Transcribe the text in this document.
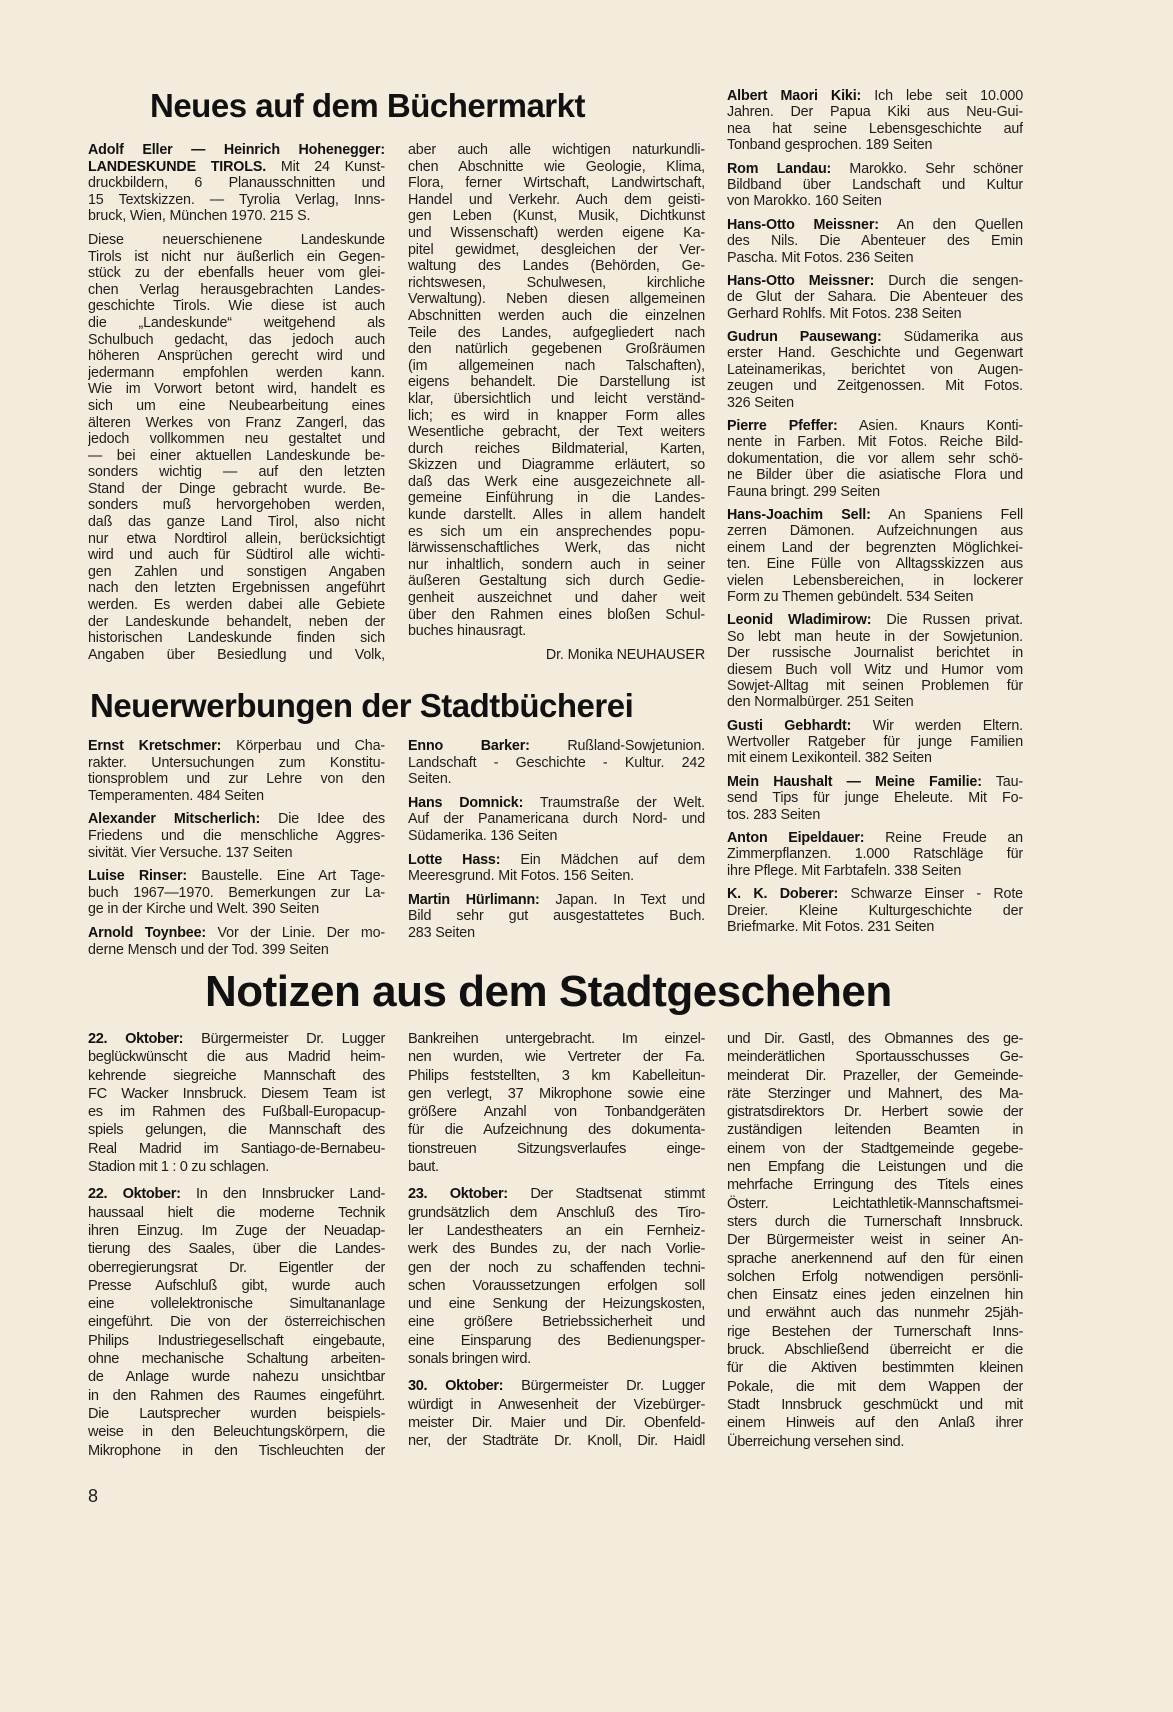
Neues auf dem Büchermarkt
Neuerwerbungen der Stadtbücherei
Notizen aus dem Stadtgeschehen
Adolf Eller — Heinrich Hohenegger:
LANDESKUNDE TIROLS. Mit 24 Kunst-
druckbildern, 6 Planausschnitten und
15 Textskizzen. — Tyrolia Verlag, Inns-
bruck, Wien, München 1970. 215 S.
Diese neuerschienene Landeskunde
Tirols ist nicht nur äußerlich ein Gegen-
stück zu der ebenfalls heuer vom glei-
chen Verlag herausgebrachten Landes-
geschichte Tirols. Wie diese ist auch
die „Landeskunde“ weitgehend als
Schulbuch gedacht, das jedoch auch
höheren Ansprüchen gerecht wird und
jedermann empfohlen werden kann.
Wie im Vorwort betont wird, handelt es
sich um eine Neubearbeitung eines
älteren Werkes von Franz Zangerl, das
jedoch vollkommen neu gestaltet und
— bei einer aktuellen Landeskunde be-
sonders wichtig — auf den letzten
Stand der Dinge gebracht wurde. Be-
sonders muß hervorgehoben werden,
daß das ganze Land Tirol, also nicht
nur etwa Nordtirol allein, berücksichtigt
wird und auch für Südtirol alle wichti-
gen Zahlen und sonstigen Angaben
nach den letzten Ergebnissen angeführt
werden. Es werden dabei alle Gebiete
der Landeskunde behandelt, neben der
historischen Landeskunde finden sich
Angaben über Besiedlung und Volk,
aber auch alle wichtigen naturkundli-
chen Abschnitte wie Geologie, Klima,
Flora, ferner Wirtschaft, Landwirtschaft,
Handel und Verkehr. Auch dem geisti-
gen Leben (Kunst, Musik, Dichtkunst
und Wissenschaft) werden eigene Ka-
pitel gewidmet, desgleichen der Ver-
waltung des Landes (Behörden, Ge-
richtswesen, Schulwesen, kirchliche
Verwaltung). Neben diesen allgemeinen
Abschnitten werden auch die einzelnen
Teile des Landes, aufgegliedert nach
den natürlich gegebenen Großräumen
(im allgemeinen nach Talschaften),
eigens behandelt. Die Darstellung ist
klar, übersichtlich und leicht verständ-
lich; es wird in knapper Form alles
Wesentliche gebracht, der Text weiters
durch reiches Bildmaterial, Karten,
Skizzen und Diagramme erläutert, so
daß das Werk eine ausgezeichnete all-
gemeine Einführung in die Landes-
kunde darstellt. Alles in allem handelt
es sich um ein ansprechendes popu-
lärwissenschaftliches Werk, das nicht
nur inhaltlich, sondern auch in seiner
äußeren Gestaltung sich durch Gedie-
genheit auszeichnet und daher weit
über den Rahmen eines bloßen Schul-
buches hinausragt.
Dr. Monika NEUHAUSER
Albert Maori Kiki: Ich lebe seit 10.000
Jahren. Der Papua Kiki aus Neu-Gui-
nea hat seine Lebensgeschichte auf
Tonband gesprochen. 189 Seiten
Rom Landau: Marokko. Sehr schöner
Bildband über Landschaft und Kultur
von Marokko. 160 Seiten
Hans-Otto Meissner: An den Quellen
des Nils. Die Abenteuer des Emin
Pascha. Mit Fotos. 236 Seiten
Hans-Otto Meissner: Durch die sengen-
de Glut der Sahara. Die Abenteuer des
Gerhard Rohlfs. Mit Fotos. 238 Seiten
Gudrun Pausewang: Südamerika aus
erster Hand. Geschichte und Gegenwart
Lateinamerikas, berichtet von Augen-
zeugen und Zeitgenossen. Mit Fotos.
326 Seiten
Pierre Pfeffer: Asien. Knaurs Konti-
nente in Farben. Mit Fotos. Reiche Bild-
dokumentation, die vor allem sehr schö-
ne Bilder über die asiatische Flora und
Fauna bringt. 299 Seiten
Hans-Joachim Sell: An Spaniens Fell
zerren Dämonen. Aufzeichnungen aus
einem Land der begrenzten Möglichkei-
ten. Eine Fülle von Alltagsskizzen aus
vielen Lebensbereichen, in lockerer
Form zu Themen gebündelt. 534 Seiten
Leonid Wladimirow: Die Russen privat.
So lebt man heute in der Sowjetunion.
Der russische Journalist berichtet in
diesem Buch voll Witz und Humor vom
Sowjet-Alltag mit seinen Problemen für
den Normalbürger. 251 Seiten
Gusti Gebhardt: Wir werden Eltern.
Wertvoller Ratgeber für junge Familien
mit einem Lexikonteil. 382 Seiten
Mein Haushalt — Meine Familie: Tau-
send Tips für junge Eheleute. Mit Fo-
tos. 283 Seiten
Anton Eipeldauer: Reine Freude an
Zimmerpflanzen. 1.000 Ratschläge für
ihre Pflege. Mit Farbtafeln. 338 Seiten
K. K. Doberer: Schwarze Einser - Rote
Dreier. Kleine Kulturgeschichte der
Briefmarke. Mit Fotos. 231 Seiten
Ernst Kretschmer: Körperbau und Cha-
rakter. Untersuchungen zum Konstitu-
tionsproblem und zur Lehre von den
Temperamenten. 484 Seiten
Alexander Mitscherlich: Die Idee des
Friedens und die menschliche Aggres-
sivität. Vier Versuche. 137 Seiten
Luise Rinser: Baustelle. Eine Art Tage-
buch 1967—1970. Bemerkungen zur La-
ge in der Kirche und Welt. 390 Seiten
Arnold Toynbee: Vor der Linie. Der mo-
derne Mensch und der Tod. 399 Seiten
Enno Barker: Rußland-Sowjetunion.
Landschaft - Geschichte - Kultur. 242
Seiten.
Hans Domnick: Traumstraße der Welt.
Auf der Panamericana durch Nord- und
Südamerika. 136 Seiten
Lotte Hass: Ein Mädchen auf dem
Meeresgrund. Mit Fotos. 156 Seiten.
Martin Hürlimann: Japan. In Text und
Bild sehr gut ausgestattetes Buch.
283 Seiten
22. Oktober: Bürgermeister Dr. Lugger
beglückwünscht die aus Madrid heim-
kehrende siegreiche Mannschaft des
FC Wacker Innsbruck. Diesem Team ist
es im Rahmen des Fußball-Europacup-
spiels gelungen, die Mannschaft des
Real Madrid im Santiago-de-Bernabeu-
Stadion mit 1 : 0 zu schlagen.
22. Oktober: In den Innsbrucker Land-
haussaal hielt die moderne Technik
ihren Einzug. Im Zuge der Neuadap-
tierung des Saales, über die Landes-
oberregierungsrat Dr. Eigentler der
Presse Aufschluß gibt, wurde auch
eine vollelektronische Simultananlage
eingeführt. Die von der österreichischen
Philips Industriegesellschaft eingebaute,
ohne mechanische Schaltung arbeiten-
de Anlage wurde nahezu unsichtbar
in den Rahmen des Raumes eingeführt.
Die Lautsprecher wurden beispiels-
weise in den Beleuchtungskörpern, die
Mikrophone in den Tischleuchten der
Bankreihen untergebracht. Im einzel-
nen wurden, wie Vertreter der Fa.
Philips feststellten, 3 km Kabelleitun-
gen verlegt, 37 Mikrophone sowie eine
größere Anzahl von Tonbandgeräten
für die Aufzeichnung des dokumenta-
tionstreuen Sitzungsverlaufes einge-
baut.
23. Oktober: Der Stadtsenat stimmt
grundsätzlich dem Anschluß des Tiro-
ler Landestheaters an ein Fernheiz-
werk des Bundes zu, der nach Vorlie-
gen der noch zu schaffenden techni-
schen Voraussetzungen erfolgen soll
und eine Senkung der Heizungskosten,
eine größere Betriebssicherheit und
eine Einsparung des Bedienungsper-
sonals bringen wird.
30. Oktober: Bürgermeister Dr. Lugger
würdigt in Anwesenheit der Vizebürger-
meister Dir. Maier und Dir. Obenfeld-
ner, der Stadträte Dr. Knoll, Dir. Haidl
und Dir. Gastl, des Obmannes des ge-
meinderätlichen Sportausschusses Ge-
meinderat Dir. Prazeller, der Gemeinde-
räte Sterzinger und Mahnert, des Ma-
gistratsdirektors Dr. Herbert sowie der
zuständigen leitenden Beamten in
einem von der Stadtgemeinde gegebe-
nen Empfang die Leistungen und die
mehrfache Erringung des Titels eines
Österr. Leichtathletik-Mannschaftsmei-
sters durch die Turnerschaft Innsbruck.
Der Bürgermeister weist in seiner An-
sprache anerkennend auf den für einen
solchen Erfolg notwendigen persönli-
chen Einsatz eines jeden einzelnen hin
und erwähnt auch das nunmehr 25jäh-
rige Bestehen der Turnerschaft Inns-
bruck. Abschließend überreicht er die
für die Aktiven bestimmten kleinen
Pokale, die mit dem Wappen der
Stadt Innsbruck geschmückt und mit
einem Hinweis auf den Anlaß ihrer
Überreichung versehen sind.
8
